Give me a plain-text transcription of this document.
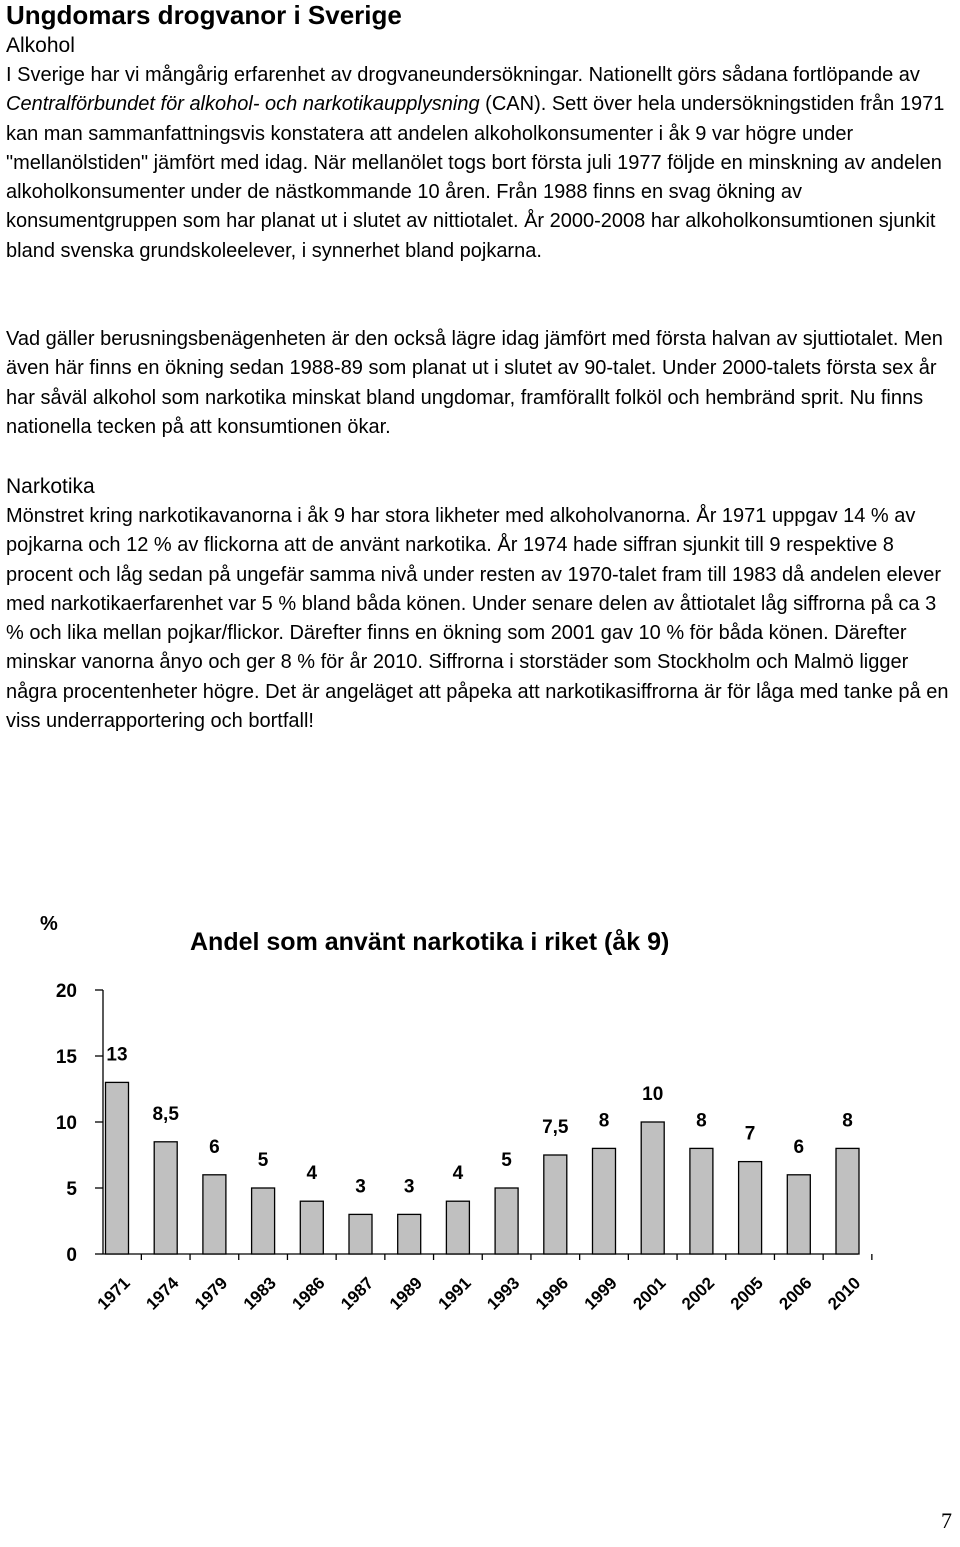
Ungdomars drogvanor i Sverige
Alkohol

I Sverige har vi mångårig erfarenhet av drogvaneundersökningar. Nationellt görs sådana fortlöpande av Centralförbundet för alkohol- och narkotikaupplysning (CAN). Sett över hela undersökningstiden från 1971 kan man sammanfattningsvis konstatera att andelen alkoholkonsumenter i åk 9 var högre under "mellanölstiden" jämfört med idag. När mellanölet togs bort första juli 1977 följde en minskning av andelen alkoholkonsumenter under de nästkommande 10 åren. Från 1988 finns en svag ökning av konsumentgruppen som har planat ut i slutet av nittiotalet. År 2000-2008 har alkoholkonsumtionen sjunkit bland svenska grundskoleelever, i synnerhet bland pojkarna.

Vad gäller berusningsbenägenheten är den också lägre idag jämfört med första halvan av sjuttiotalet. Men även här finns en ökning sedan 1988-89 som planat ut i slutet av 90-talet. Under 2000-talets första sex år har såväl alkohol som narkotika minskat bland ungdomar, framförallt folköl och hembränd sprit. Nu finns nationella tecken på att konsumtionen ökar.

Narkotika

Mönstret kring narkotikavanorna i åk 9 har stora likheter med alkoholvanorna. År 1971 uppgav 14 % av pojkarna och 12 % av flickorna att de använt narkotika. År 1974 hade siffran sjunkit till 9 respektive 8 procent och låg sedan på ungefär samma nivå under resten av 1970-talet fram till 1983 då andelen elever med narkotikaerfarenhet var 5 % bland båda könen. Under senare delen av åttiotalet låg siffrorna på ca 3 % och lika mellan pojkar/flickor. Därefter finns en ökning som 2001 gav 10 % för båda könen. Därefter minskar vanorna ånyo och ger 8 % för år 2010. Siffrorna i storstäder som Stockholm och Malmö ligger några procentenheter högre. Det är angeläget att påpeka att narkotikasiffrorna är för låga med tanke på en viss underrapportering och bortfall!

%
Andel som använt narkotika i riket (åk 9)
0
5
10
15
20
13
1971
8,5
1974
6
1979
5
1983
4
1986
3
1987
3
1989
4
1991
5
1993
7,5
1996
8
1999
10
2001
8
2002
7
2005
6
2006
8
2010
7
